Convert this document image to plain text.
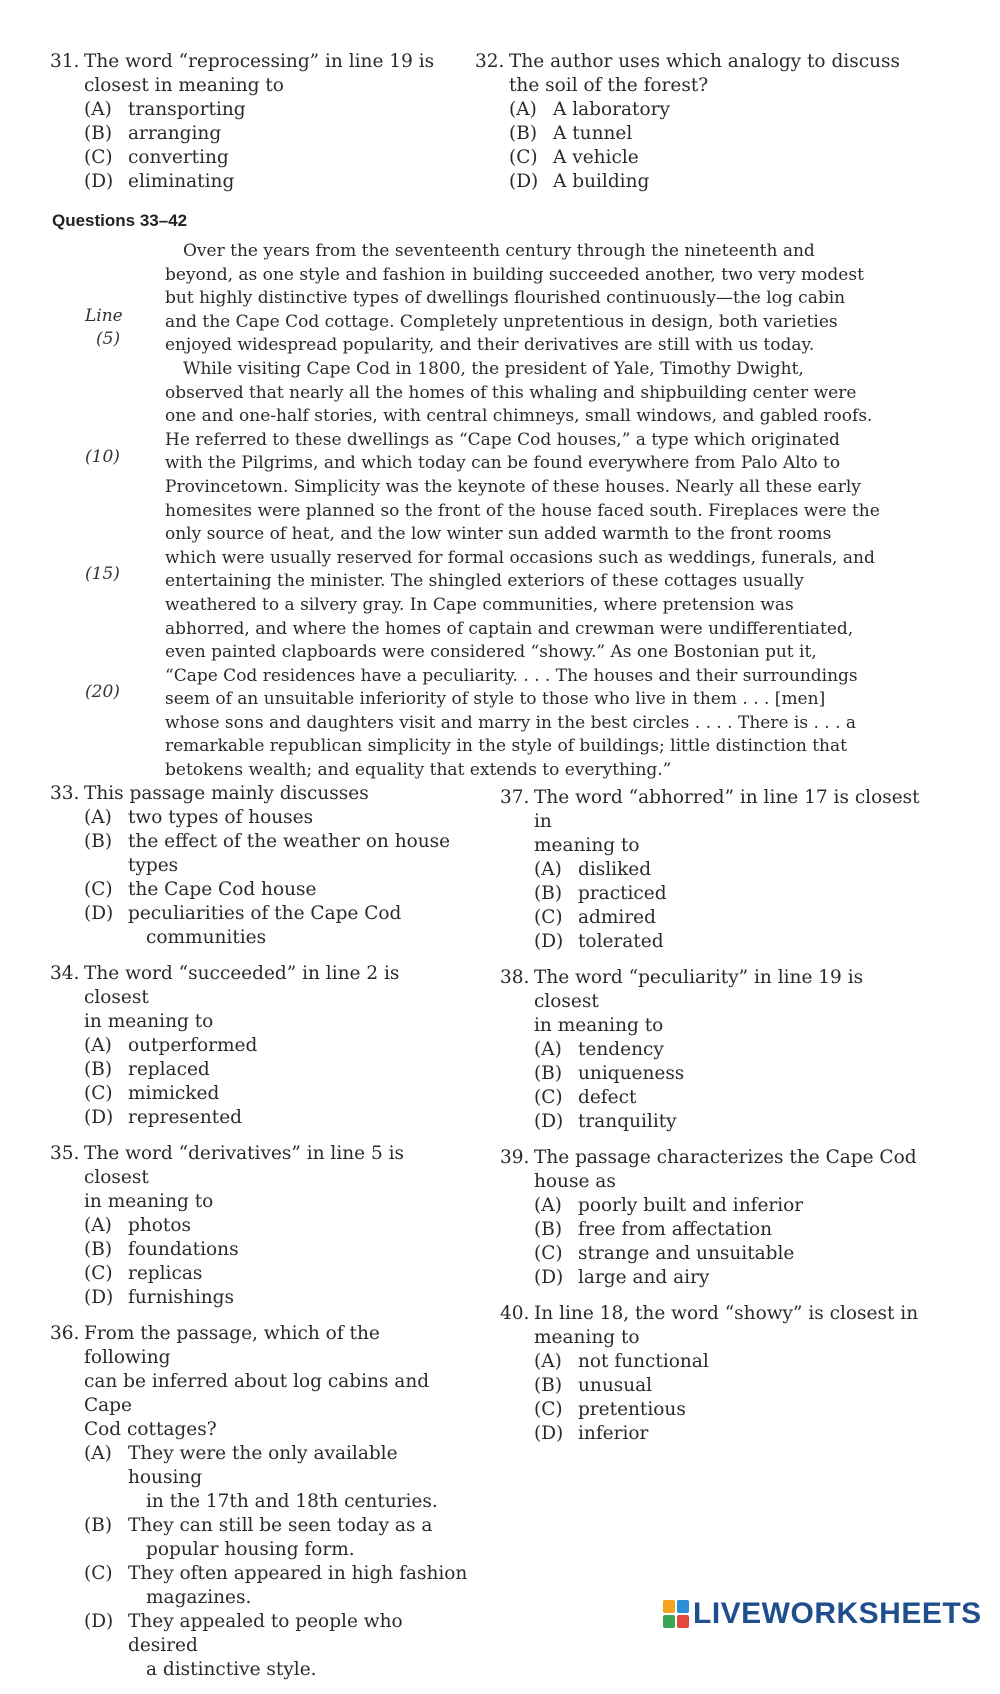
31. The word “reprocessing” in line 19 is
closest in meaning to
(A) transporting
(B) arranging
(C) converting
(D) eliminating
32. The author uses which analogy to discuss
the soil of the forest?
(A) A laboratory
(B) A tunnel
(C) A vehicle
(D) A building
Questions 33–42
Line
(5)
(10)
(15)
(20)
Over the years from the seventeenth century through the nineteenth and
beyond, as one style and fashion in building succeeded another, two very modest
but highly distinctive types of dwellings flourished continuously—the log cabin
and the Cape Cod cottage. Completely unpretentious in design, both varieties
enjoyed widespread popularity, and their derivatives are still with us today.
While visiting Cape Cod in 1800, the president of Yale, Timothy Dwight,
observed that nearly all the homes of this whaling and shipbuilding center were
one and one-half stories, with central chimneys, small windows, and gabled roofs.
He referred to these dwellings as “Cape Cod houses,” a type which originated
with the Pilgrims, and which today can be found everywhere from Palo Alto to
Provincetown. Simplicity was the keynote of these houses. Nearly all these early
homesites were planned so the front of the house faced south. Fireplaces were the
only source of heat, and the low winter sun added warmth to the front rooms
which were usually reserved for formal occasions such as weddings, funerals, and
entertaining the minister. The shingled exteriors of these cottages usually
weathered to a silvery gray. In Cape communities, where pretension was
abhorred, and where the homes of captain and crewman were undifferentiated,
even painted clapboards were considered “showy.” As one Bostonian put it,
“Cape Cod residences have a peculiarity. . . . The houses and their surroundings
seem of an unsuitable inferiority of style to those who live in them . . . [men]
whose sons and daughters visit and marry in the best circles . . . . There is . . . a
remarkable republican simplicity in the style of buildings; little distinction that
betokens wealth; and equality that extends to everything.”
33. This passage mainly discusses
(A) two types of houses
(B) the effect of the weather on house types
(C) the Cape Cod house
(D) peculiarities of the Cape Cod
communities
34. The word “succeeded” in line 2 is closest
in meaning to
(A) outperformed
(B) replaced
(C) mimicked
(D) represented
35. The word “derivatives” in line 5 is closest
in meaning to
(A) photos
(B) foundations
(C) replicas
(D) furnishings
36. From the passage, which of the following
can be inferred about log cabins and Cape
Cod cottages?
(A) They were the only available housing
in the 17th and 18th centuries.
(B) They can still be seen today as a
popular housing form.
(C) They often appeared in high fashion
magazines.
(D) They appealed to people who desired
a distinctive style.
37. The word “abhorred” in line 17 is closest in
meaning to
(A) disliked
(B) practiced
(C) admired
(D) tolerated
38. The word “peculiarity” in line 19 is closest
in meaning to
(A) tendency
(B) uniqueness
(C) defect
(D) tranquility
39. The passage characterizes the Cape Cod
house as
(A) poorly built and inferior
(B) free from affectation
(C) strange and unsuitable
(D) large and airy
40. In line 18, the word “showy” is closest in
meaning to
(A) not functional
(B) unusual
(C) pretentious
(D) inferior
LIVEWORKSHEETS
